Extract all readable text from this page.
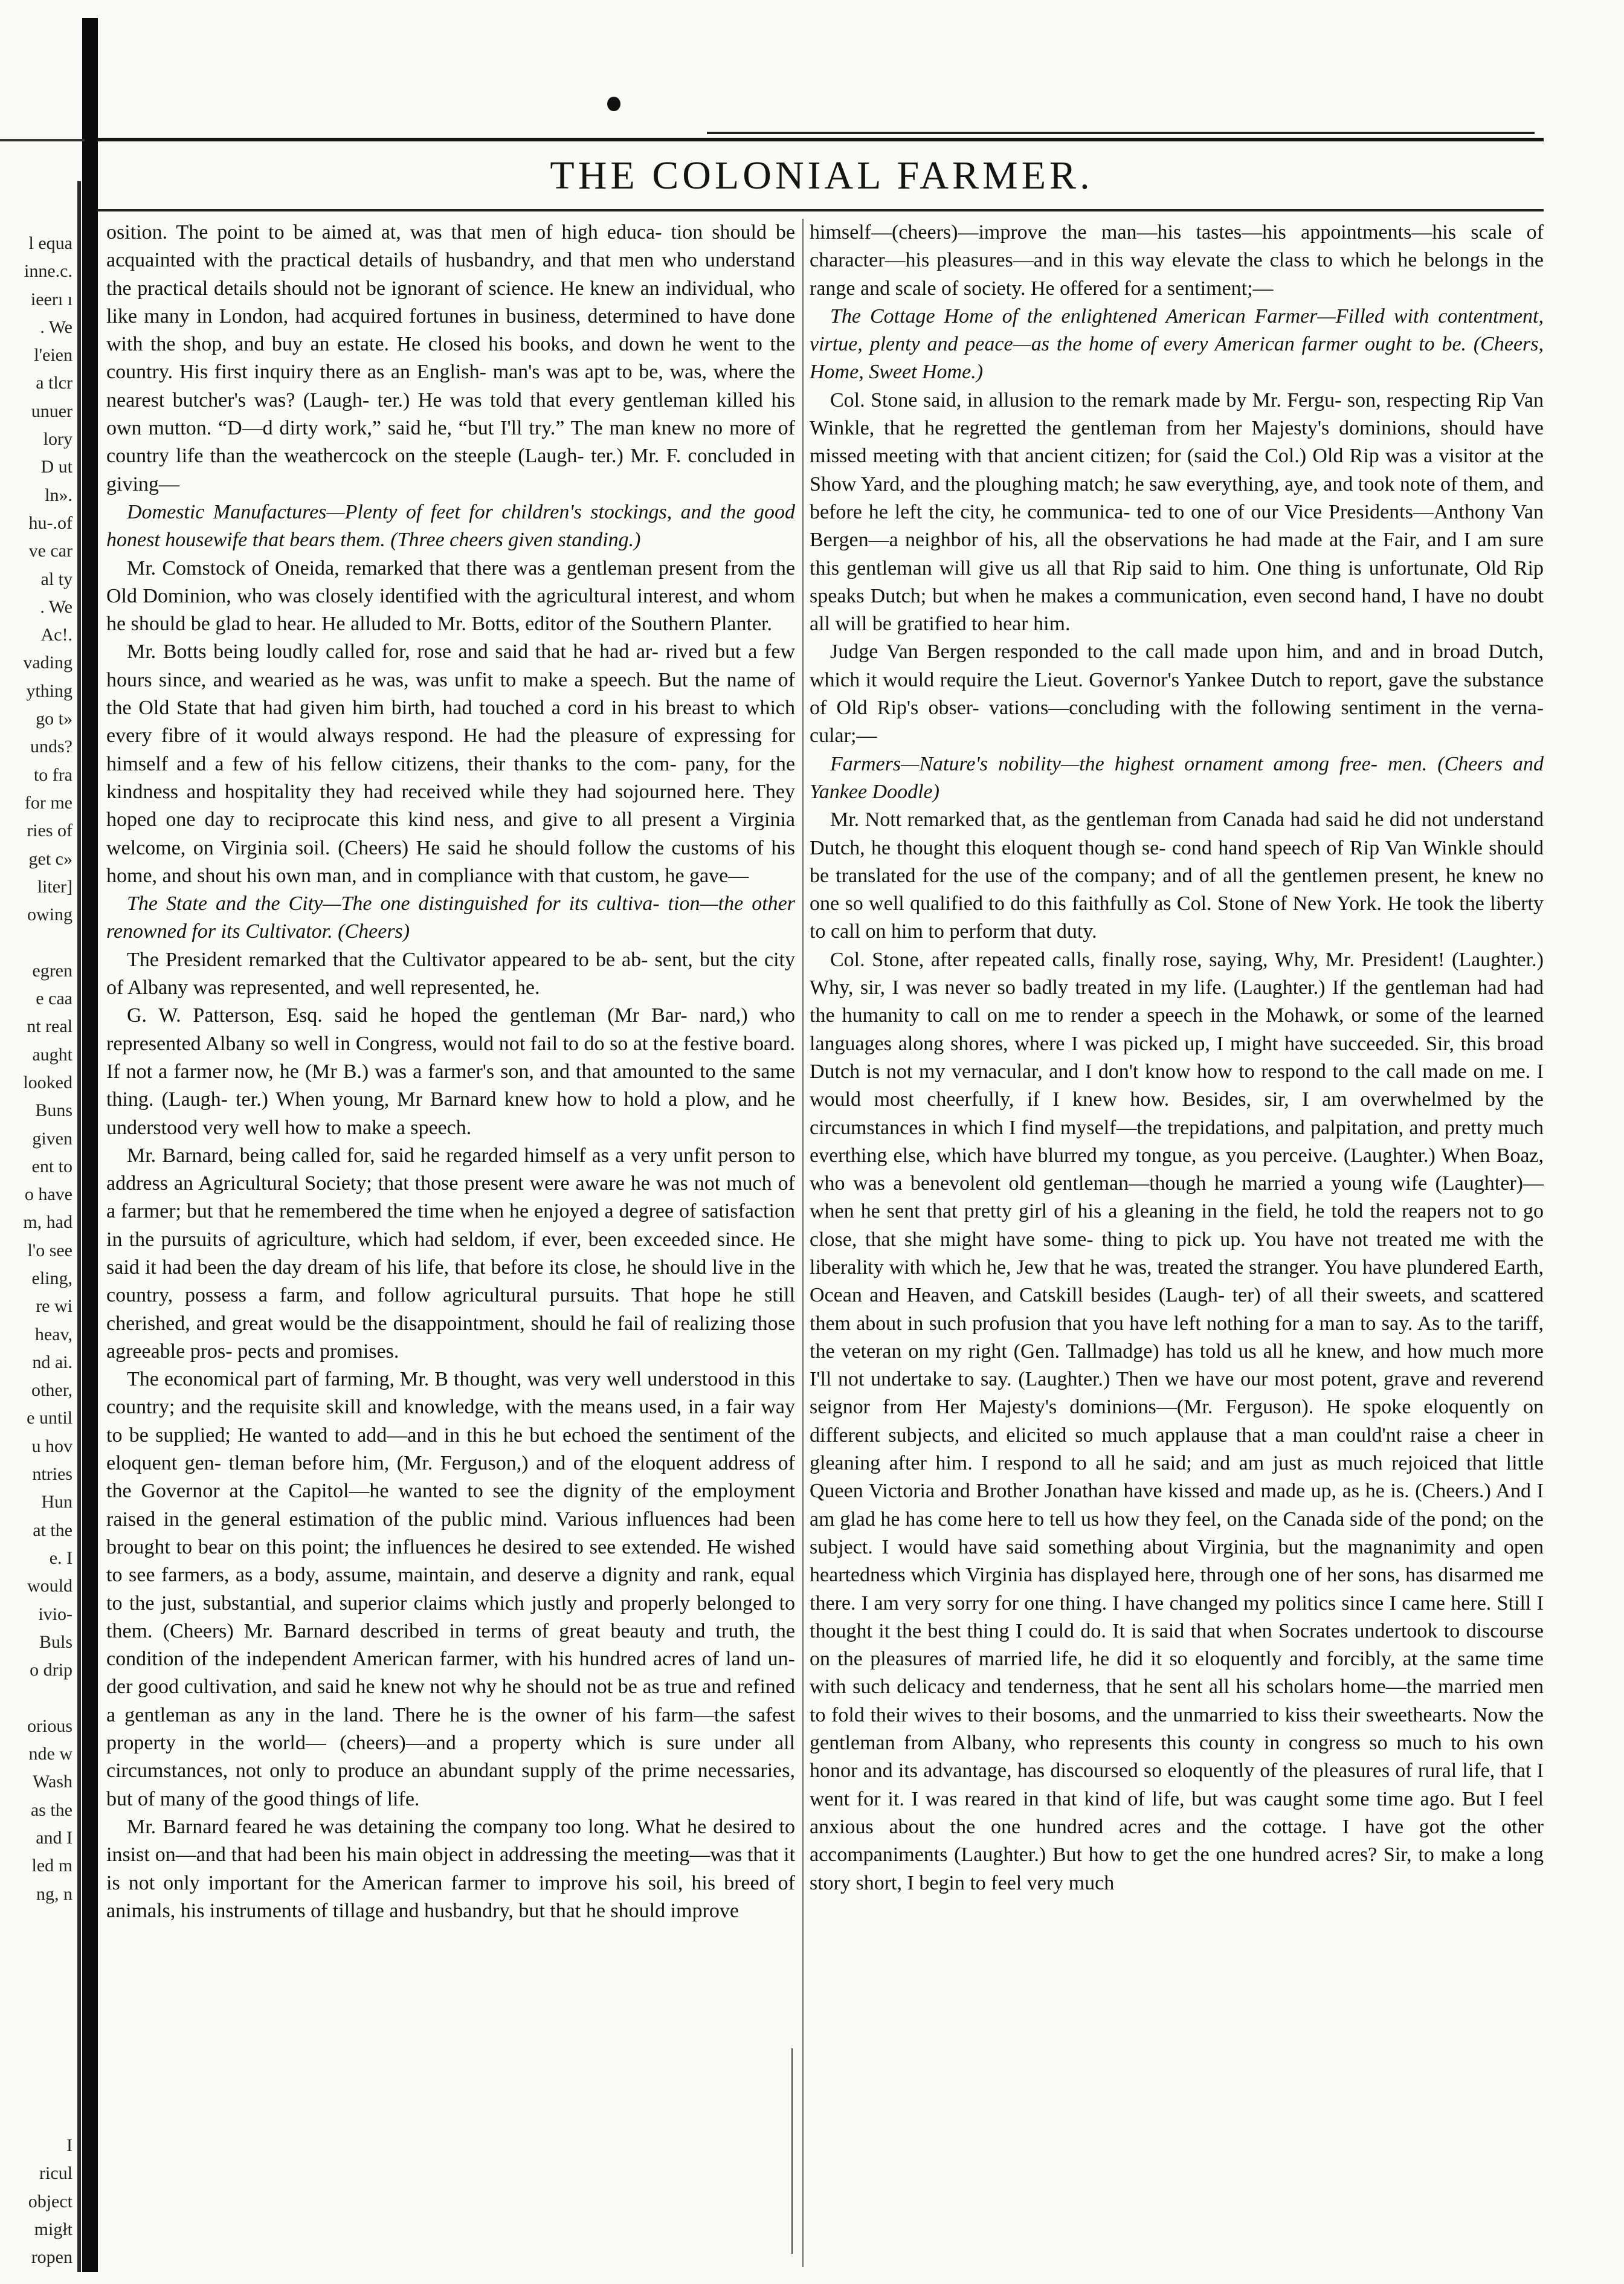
l equa
inne.c.
ieerı ı
. We
l'eien
a tlcr
unuer
lory
D ut
ln».
hu-.of
ve car
al ty
. We
Ac!.
vading
ything
go t»
unds?
to fra
for me
ries of
get c»
liter]
owing

egren
e caa
nt real
aught
looked
Buns
given
ent to
o have
m, had
l'o see
eling,
re wi
heav,
nd ai.
other,
e until
u hov
ntries
Hun
at the
e. I
would
ivio-
Buls
o drip

orious
nde w
Wash
as the
and I
led m
ng, n

I
ricul
object
migłt
ropen
THE COLONIAL FARMER.

osition. The point to be aimed at, was that men of high educa- tion should be acquainted with the practical details of husbandry, and that men who understand the practical details should not be ignorant of science. He knew an individual, who like many in London, had acquired fortunes in business, determined to have done with the shop, and buy an estate. He closed his books, and down he went to the country. His first inquiry there as an English- man's was apt to be, was, where the nearest butcher's was? (Laugh- ter.) He was told that every gentleman killed his own mutton. “D—d dirty work,” said he, “but I'll try.” The man knew no more of country life than the weathercock on the steeple (Laugh- ter.) Mr. F. concluded in giving—

Domestic Manufactures—Plenty of feet for children's stockings, and the good honest housewife that bears them. (Three cheers given standing.)

Mr. Comstock of Oneida, remarked that there was a gentleman present from the Old Dominion, who was closely identified with the agricultural interest, and whom he should be glad to hear. He alluded to Mr. Botts, editor of the Southern Planter.

Mr. Botts being loudly called for, rose and said that he had ar- rived but a few hours since, and wearied as he was, was unfit to make a speech. But the name of the Old State that had given him birth, had touched a cord in his breast to which every fibre of it would always respond. He had the pleasure of expressing for himself and a few of his fellow citizens, their thanks to the com- pany, for the kindness and hospitality they had received while they had sojourned here. They hoped one day to reciprocate this kind ness, and give to all present a Virginia welcome, on Virginia soil. (Cheers) He said he should follow the customs of his home, and shout his own man, and in compliance with that custom, he gave—

The State and the City—The one distinguished for its cultiva- tion—the other renowned for its Cultivator. (Cheers)

The President remarked that the Cultivator appeared to be ab- sent, but the city of Albany was represented, and well represented, he.

G. W. Patterson, Esq. said he hoped the gentleman (Mr Bar- nard,) who represented Albany so well in Congress, would not fail to do so at the festive board. If not a farmer now, he (Mr B.) was a farmer's son, and that amounted to the same thing. (Laugh- ter.) When young, Mr Barnard knew how to hold a plow, and he understood very well how to make a speech.

Mr. Barnard, being called for, said he regarded himself as a very unfit person to address an Agricultural Society; that those present were aware he was not much of a farmer; but that he remembered the time when he enjoyed a degree of satisfaction in the pursuits of agriculture, which had seldom, if ever, been exceeded since. He said it had been the day dream of his life, that before its close, he should live in the country, possess a farm, and follow agricultural pursuits. That hope he still cherished, and great would be the disappointment, should he fail of realizing those agreeable pros- pects and promises.

The economical part of farming, Mr. B thought, was very well understood in this country; and the requisite skill and knowledge, with the means used, in a fair way to be supplied; He wanted to add—and in this he but echoed the sentiment of the eloquent gen- tleman before him, (Mr. Ferguson,) and of the eloquent address of the Governor at the Capitol—he wanted to see the dignity of the employment raised in the general estimation of the public mind. Various influences had been brought to bear on this point; the influences he desired to see extended. He wished to see farmers, as a body, assume, maintain, and deserve a dignity and rank, equal to the just, substantial, and superior claims which justly and properly belonged to them. (Cheers) Mr. Barnard described in terms of great beauty and truth, the condition of the independent American farmer, with his hundred acres of land un- der good cultivation, and said he knew not why he should not be as true and refined a gentleman as any in the land. There he is the owner of his farm—the safest property in the world— (cheers)—and a property which is sure under all circumstances, not only to produce an abundant supply of the prime necessaries, but of many of the good things of life.

Mr. Barnard feared he was detaining the company too long. What he desired to insist on—and that had been his main object in addressing the meeting—was that it is not only important for the American farmer to improve his soil, his breed of animals, his instruments of tillage and husbandry, but that he should improve

himself—(cheers)—improve the man—his tastes—his appointments—his scale of character—his pleasures—and in this way elevate the class to which he belongs in the range and scale of society. He offered for a sentiment;—

The Cottage Home of the enlightened American Farmer—Filled with contentment, virtue, plenty and peace—as the home of every American farmer ought to be. (Cheers, Home, Sweet Home.)

Col. Stone said, in allusion to the remark made by Mr. Fergu- son, respecting Rip Van Winkle, that he regretted the gentleman from her Majesty's dominions, should have missed meeting with that ancient citizen; for (said the Col.) Old Rip was a visitor at the Show Yard, and the ploughing match; he saw everything, aye, and took note of them, and before he left the city, he communica- ted to one of our Vice Presidents—Anthony Van Bergen—a neighbor of his, all the observations he had made at the Fair, and I am sure this gentleman will give us all that Rip said to him. One thing is unfortunate, Old Rip speaks Dutch; but when he makes a communication, even second hand, I have no doubt all will be gratified to hear him.

Judge Van Bergen responded to the call made upon him, and and in broad Dutch, which it would require the Lieut. Governor's Yankee Dutch to report, gave the substance of Old Rip's obser- vations—concluding with the following sentiment in the verna- cular;—

Farmers—Nature's nobility—the highest ornament among free- men. (Cheers and Yankee Doodle)

Mr. Nott remarked that, as the gentleman from Canada had said he did not understand Dutch, he thought this eloquent though se- cond hand speech of Rip Van Winkle should be translated for the use of the company; and of all the gentlemen present, he knew no one so well qualified to do this faithfully as Col. Stone of New York. He took the liberty to call on him to perform that duty.

Col. Stone, after repeated calls, finally rose, saying, Why, Mr. President! (Laughter.) Why, sir, I was never so badly treated in my life. (Laughter.) If the gentleman had had the humanity to call on me to render a speech in the Mohawk, or some of the learned languages along shores, where I was picked up, I might have succeeded. Sir, this broad Dutch is not my vernacular, and I don't know how to respond to the call made on me. I would most cheerfully, if I knew how. Besides, sir, I am overwhelmed by the circumstances in which I find myself—the trepidations, and palpitation, and pretty much everthing else, which have blurred my tongue, as you perceive. (Laughter.) When Boaz, who was a benevolent old gentleman—though he married a young wife (Laughter)—when he sent that pretty girl of his a gleaning in the field, he told the reapers not to go close, that she might have some- thing to pick up. You have not treated me with the liberality with which he, Jew that he was, treated the stranger. You have plundered Earth, Ocean and Heaven, and Catskill besides (Laugh- ter) of all their sweets, and scattered them about in such profusion that you have left nothing for a man to say. As to the tariff, the veteran on my right (Gen. Tallmadge) has told us all he knew, and how much more I'll not undertake to say. (Laughter.) Then we have our most potent, grave and reverend seignor from Her Majesty's dominions—(Mr. Ferguson). He spoke eloquently on different subjects, and elicited so much applause that a man could'nt raise a cheer in gleaning after him. I respond to all he said; and am just as much rejoiced that little Queen Victoria and Brother Jonathan have kissed and made up, as he is. (Cheers.) And I am glad he has come here to tell us how they feel, on the Canada side of the pond; on the subject. I would have said something about Virginia, but the magnanimity and open heartedness which Virginia has displayed here, through one of her sons, has disarmed me there. I am very sorry for one thing. I have changed my politics since I came here. Still I thought it the best thing I could do. It is said that when Socrates undertook to discourse on the pleasures of married life, he did it so eloquently and forcibly, at the same time with such delicacy and tenderness, that he sent all his scholars home—the married men to fold their wives to their bosoms, and the unmarried to kiss their sweethearts. Now the gentleman from Albany, who represents this county in congress so much to his own honor and its advantage, has discoursed so eloquently of the pleasures of rural life, that I went for it. I was reared in that kind of life, but was caught some time ago. But I feel anxious about the one hundred acres and the cottage. I have got the other accompaniments (Laughter.) But how to get the one hundred acres? Sir, to make a long story short, I begin to feel very much
